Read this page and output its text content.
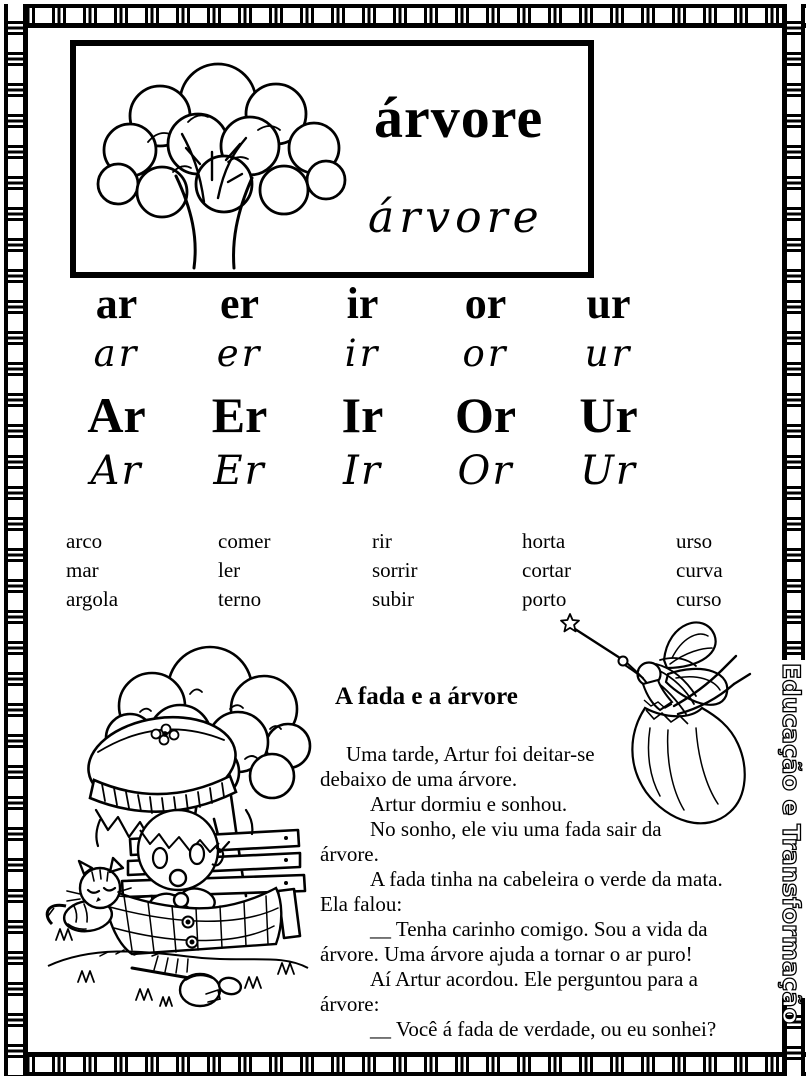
Educação e Transformação
árvore
árvore
ar er ir or ur
ar er ir or ur
Ar Er Ir Or Ur
Ar Er Ir Or Ur
arco
mar
argola
comer
ler
terno
rir
sorrir
subir
horta
cortar
porto
urso
curva
curso
A fada e a árvore
Uma tarde, Artur foi deitar-se
debaixo de uma árvore.
Artur dormiu e sonhou.
No sonho, ele viu uma fada sair da
árvore.
A fada tinha na cabeleira o verde da mata.
Ela falou:
__ Tenha carinho comigo. Sou a vida da
árvore. Uma árvore ajuda a tornar o ar puro!
Aí Artur acordou. Ele perguntou para a
árvore:
__ Você á fada de verdade, ou eu sonhei?
